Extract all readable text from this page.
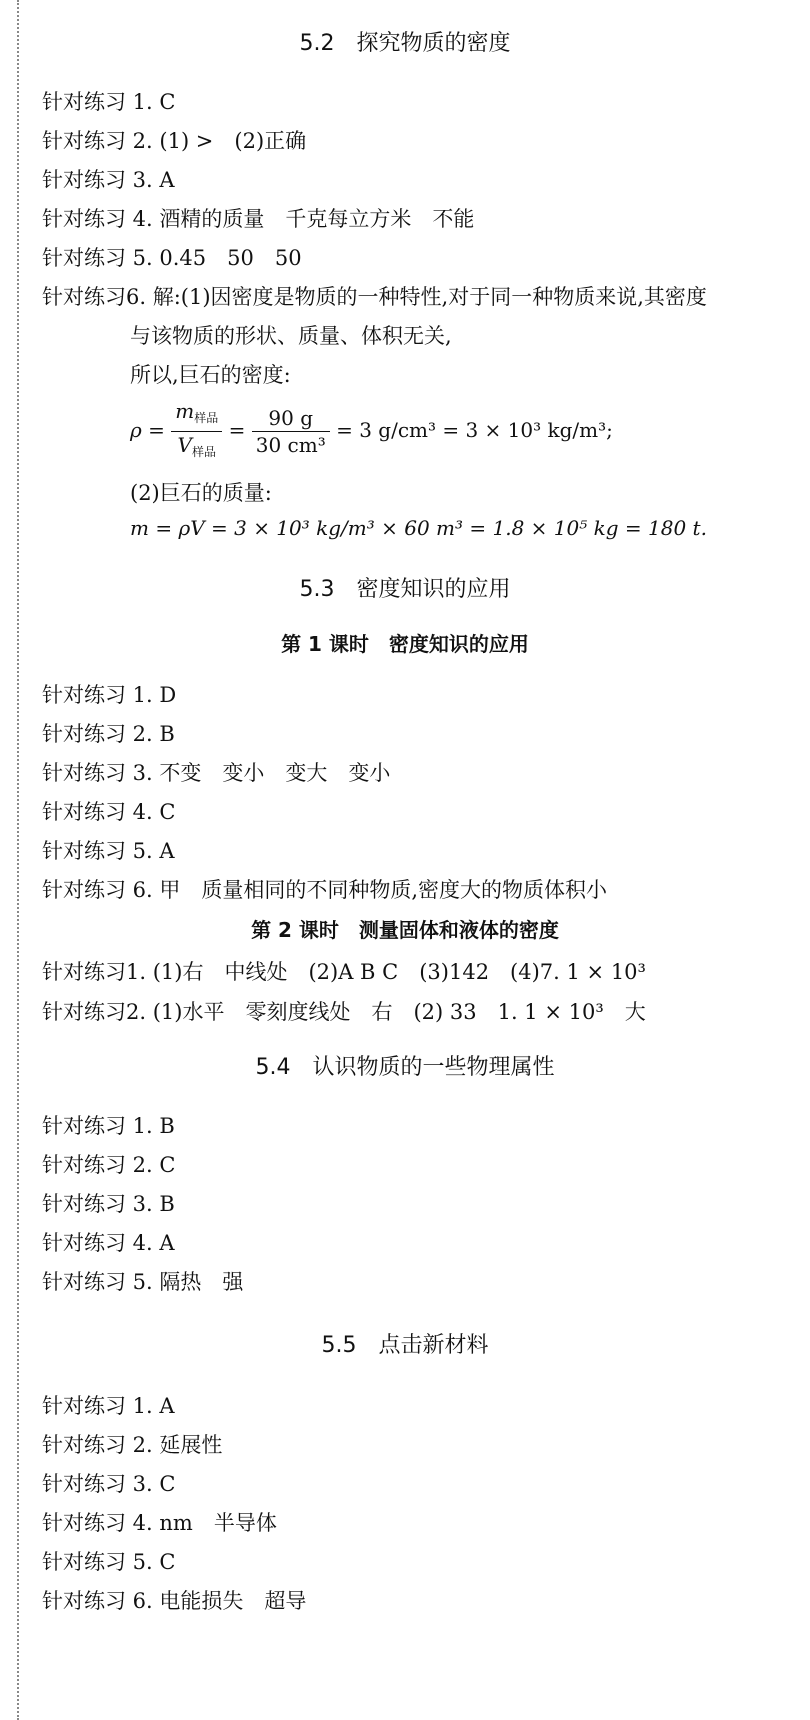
5.2　探究物质的密度
针对练习 1. C
针对练习 2. (1) >　(2)正确
针对练习 3. A
针对练习 4. 酒精的质量　千克每立方米　不能
针对练习 5. 0.45　50　50
针对练习6. 解:(1)因密度是物质的一种特性,对于同一种物质来说,其密度
与该物质的形状、质量、体积无关,
所以,巨石的密度:
$\rho = \frac{m_{样品}}{V_{样品}} = \frac{90 g}{\text{30 cm³}} = 3$ g/cm³ = 3 × 10³ kg/m³;
(2)巨石的质量:
m = ρV = 3 × 10³ kg/m³ × 60 m³ = 1.8 × 10⁵ kg = 180 t.
5.3　密度知识的应用
第 1 课时　密度知识的应用
针对练习 1. D
针对练习 2. B
针对练习 3. 不变　变小　变大　变小
针对练习 4. C
针对练习 5. A
针对练习 6. 甲　质量相同的不同种物质,密度大的物质体积小
第 2 课时　测量固体和液体的密度
针对练习1. (1)右　中线处　(2)A B C　(3)142　(4)7. 1 × 10³
针对练习2. (1)水平　零刻度线处　右　(2) 33　1. 1 × 10³　大
5.4　认识物质的一些物理属性
针对练习 1. B
针对练习 2. C
针对练习 3. B
针对练习 4. A
针对练习 5. 隔热　强
5.5　点击新材料
针对练习 1. A
针对练习 2. 延展性
针对练习 3. C
针对练习 4. nm　半导体
针对练习 5. C
针对练习 6. 电能损失　超导
